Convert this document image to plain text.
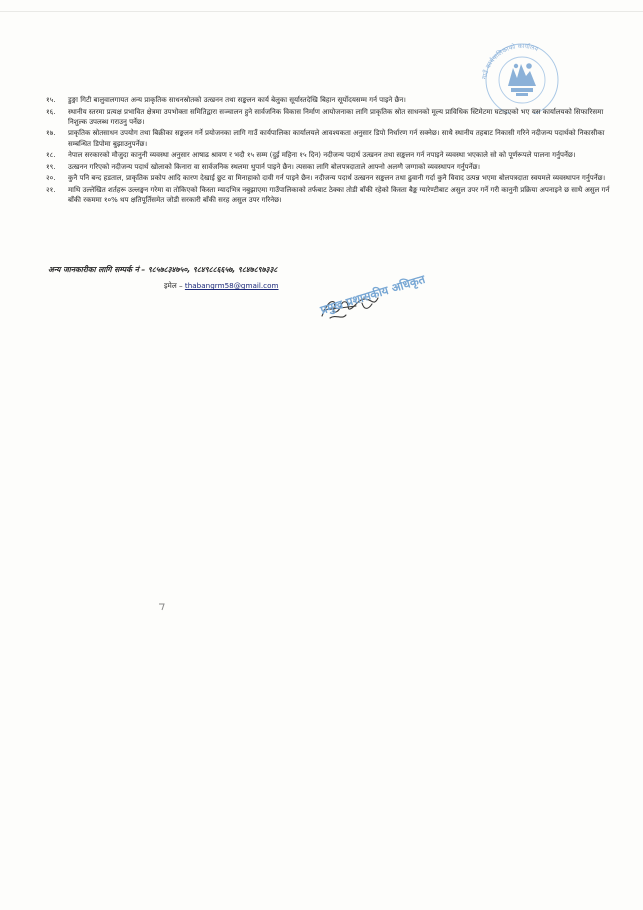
गाउँ कार्यपालिकाको कार्यालय
१५.	डुङ्गा गिटी बालुवालगायत अन्य प्राकृतिक साधनस्रोतको उत्खनन तथा सङ्कलन कार्य बेलुका सूर्यास्तदेखि बिहान सूर्योदयसम्म गर्न पाइने छैन।
१६.	स्थानीय स्तरमा प्रत्यक्ष प्रभावित क्षेत्रमा उपभोक्ता समितिद्वारा सञ्चालन हुने सार्वजनिक विकास निर्माण आयोजनाका लागि प्राकृतिक स्रोत साधनको मूल्य प्राविधिक स्टिमेटमा घटाइएको भए यस कार्यालयको सिफारिसमा निशुल्क उपलब्ध गराउनु पर्नेछ।
१७.	प्राकृतिक स्रोतसाधन उपयोग तथा बिक्रीका सङ्कलन गर्ने प्रयोजनका लागि गाउँ कार्यपालिका कार्यालयले आवश्यकता अनुसार डिपो निर्धारण गर्न सक्नेछ। साथै स्थानीय तहबाट निकासी गरिने नदीजन्य पदार्थको निकासीका सम्बन्धित डिपोमा बुझाउनुपर्नेछ।
१८.	नेपाल सरकारको मौजुदा कानुनी व्यवस्था अनुसार आषाढ श्रावण र भदौ १५ सम्म (दुई महिना १५ दिन) नदीजन्य पदार्थ उत्खनन तथा सङ्कलन गर्न नपाइने व्यवस्था भएकाले सो को पूर्णरूपले पालना गर्नुपर्नेछ।
१९.	उत्खनन गरिएको नदीजन्य पदार्थ खोलाको किनारा वा सार्वजनिक स्थलमा थुपार्न पाइने छैन। त्यसका लागि बोलपत्रदाताले आफ्नो अलग्गै जग्गाको व्यवस्थापन गर्नुपर्नेछ।
२०.	कुनै पनि बन्द हडताल, प्राकृतिक प्रकोप आदि कारण देखाई छुट वा मिनाहाको दावी गर्न पाइने छैन। नदीजन्य पदार्थ उत्खनन सङ्कलन तथा ढुवानी गर्दा कुनै विवाद उत्पन्न भएमा बोलपत्रदाता स्वयमले व्यवस्थापन गर्नुपर्नेछ।
२१.	माथि उल्लेखित शर्तहरू उल्लङ्घन गरेमा वा तोकिएको किस्ता म्यादभित्र नबुझाएमा गाउँपालिकाको तर्फबाट ठेक्का तोडी बाँकी रहेको किस्ता बैङ्क ग्यारेण्टीबाट असुल उपर गर्ने गरी कानुनी प्रक्रिया अपनाइने छ साथै असुल गर्न बाँकी रकममा १०% थप क्षतिपूर्तिसमेत जोडी सरकारी बाँकी सरह असुल उपर गरिनेछ।
अन्य जानकारीका लागि सम्पर्क नं – ९८५७८३४७५०, ९८४९८८६६५७, ९८४७८९७३३८
इमेल – thabangrm58@gmail.com	प्रमुख प्रशासकीय अधिकृत
